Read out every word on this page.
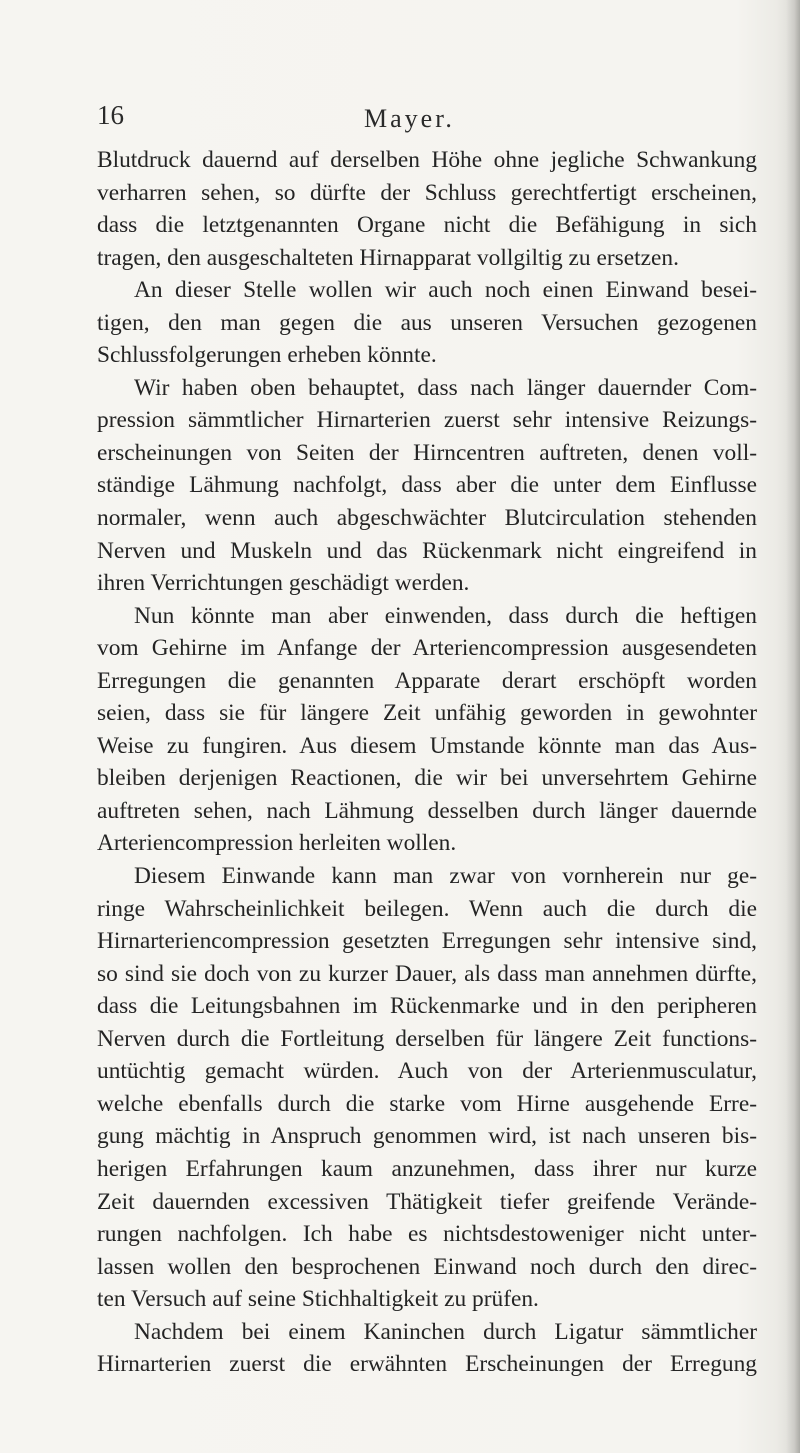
16	Mayer.
Blutdruck dauernd auf derselben Höhe ohne jegliche Schwankung
verharren sehen, so dürfte der Schluss gerechtfertigt erscheinen,
dass die letztgenannten Organe nicht die Befähigung in sich
tragen, den ausgeschalteten Hirnapparat vollgiltig zu ersetzen.
An dieser Stelle wollen wir auch noch einen Einwand besei-
tigen, den man gegen die aus unseren Versuchen gezogenen
Schlussfolgerungen erheben könnte.
Wir haben oben behauptet, dass nach länger dauernder Com-
pression sämmtlicher Hirnarterien zuerst sehr intensive Reizungs-
erscheinungen von Seiten der Hirncentren auftreten, denen voll-
ständige Lähmung nachfolgt, dass aber die unter dem Einflusse
normaler, wenn auch abgeschwächter Blutcirculation stehenden
Nerven und Muskeln und das Rückenmark nicht eingreifend in
ihren Verrichtungen geschädigt werden.
Nun könnte man aber einwenden, dass durch die heftigen
vom Gehirne im Anfange der Arteriencompression ausgesendeten
Erregungen die genannten Apparate derart erschöpft worden
seien, dass sie für längere Zeit unfähig geworden in gewohnter
Weise zu fungiren. Aus diesem Umstande könnte man das Aus-
bleiben derjenigen Reactionen, die wir bei unversehrtem Gehirne
auftreten sehen, nach Lähmung desselben durch länger dauernde
Arteriencompression herleiten wollen.
Diesem Einwande kann man zwar von vornherein nur ge-
ringe Wahrscheinlichkeit beilegen. Wenn auch die durch die
Hirnarteriencompression gesetzten Erregungen sehr intensive sind,
so sind sie doch von zu kurzer Dauer, als dass man annehmen dürfte,
dass die Leitungsbahnen im Rückenmarke und in den peripheren
Nerven durch die Fortleitung derselben für längere Zeit functions-
untüchtig gemacht würden. Auch von der Arterienmusculatur,
welche ebenfalls durch die starke vom Hirne ausgehende Erre-
gung mächtig in Anspruch genommen wird, ist nach unseren bis-
herigen Erfahrungen kaum anzunehmen, dass ihrer nur kurze
Zeit dauernden excessiven Thätigkeit tiefer greifende Verände-
rungen nachfolgen. Ich habe es nichtsdestoweniger nicht unter-
lassen wollen den besprochenen Einwand noch durch den direc-
ten Versuch auf seine Stichhaltigkeit zu prüfen.
Nachdem bei einem Kaninchen durch Ligatur sämmtlicher
Hirnarterien zuerst die erwähnten Erscheinungen der Erregung
